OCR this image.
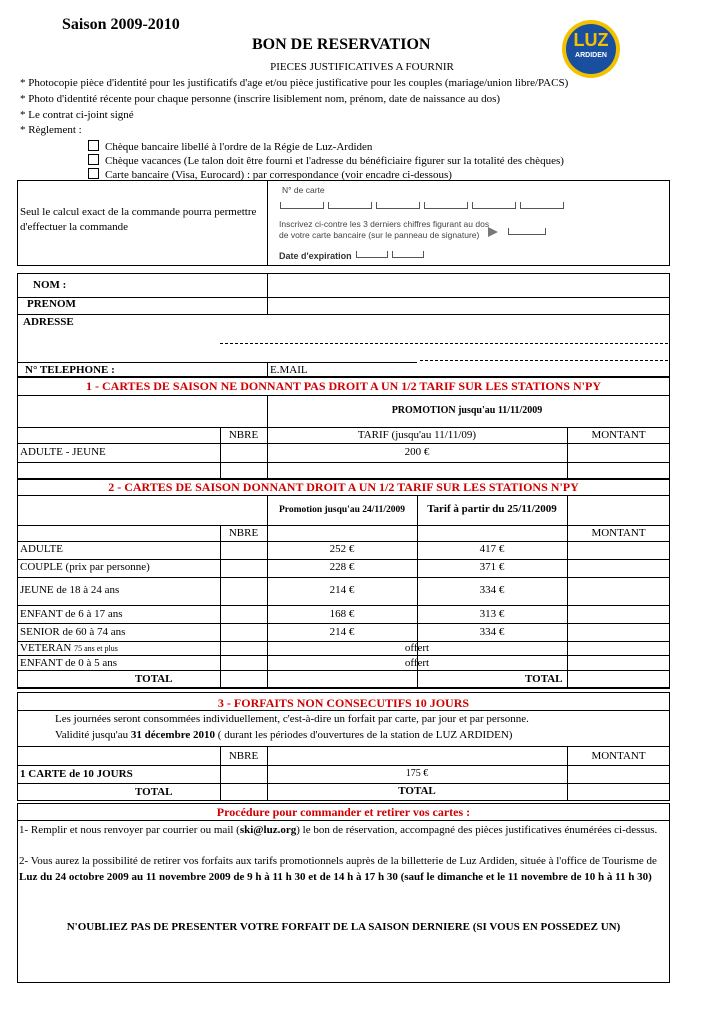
Saison 2009-2010
BON DE RESERVATION	LUZ
ARDIDEN
PIECES JUSTIFICATIVES A FOURNIR
* Photocopie pièce d'identité pour les justificatifs d'age et/ou pièce justificative pour les couples (mariage/union libre/PACS)
* Photo d'identité récente pour chaque personne (inscrire lisiblement nom, prénom, date de naissance au dos)
* Le contrat ci-joint signé
* Règlement :
Chèque bancaire libellé à l'ordre de la Régie de Luz-Ardiden
Chèque vacances (Le talon doit être fourni et l'adresse du bénéficiaire figurer sur la totalité des chèques)
Carte bancaire (Visa, Eurocard) : par correspondance (voir encadre ci-dessous)
Seul le calcul exact de la commande pourra permettre d'effectuer la commande
N° de carte
Inscrivez ci-contre les 3 derniers chiffres figurant au dos
de votre carte bancaire (sur le panneau de signature)
Date d'expiration
NOM :
PRENOM
ADRESSE
N° TELEPHONE :	E.MAIL
1 - CARTES DE SAISON NE DONNANT PAS DROIT A UN 1/2 TARIF SUR LES STATIONS N'PY
PROMOTION jusqu'au 11/11/2009
NBRE	TARIF (jusqu'au 11/11/09)	MONTANT
ADULTE - JEUNE	200 €
2 - CARTES DE SAISON DONNANT DROIT A UN 1/2 TARIF SUR LES STATIONS N'PY
Promotion jusqu'au 24/11/2009	Tarif à partir du 25/11/2009
NBRE	MONTANT
ADULTE	252 €	417 €
COUPLE (prix par personne)	228 €	371 €
JEUNE de 18 à 24 ans	214 €	334 €
ENFANT de 6 à 17 ans	168 €	313 €
SENIOR de 60 à 74 ans	214 €	334 €
VETERAN 75 ans et plus	offert
ENFANT de 0 à 5 ans	offert
TOTAL	TOTAL
3 - FORFAITS NON CONSECUTIFS 10 JOURS
Les journées seront consommées individuellement, c'est-à-dire un forfait par carte, par jour et par personne.
Validité jusqu'au 31 décembre 2010 ( durant les périodes d'ouvertures de la station de LUZ ARDIDEN)
NBRE	MONTANT
1 CARTE de 10 JOURS	175 €
TOTAL	TOTAL
Procédure pour commander et retirer vos cartes :
1- Remplir et nous renvoyer par courrier ou mail (ski@luz.org) le bon de réservation, accompagné des pièces justificatives énumérées ci-dessus.
2- Vous aurez la possibilité de retirer vos forfaits aux tarifs promotionnels auprès de la billetterie de Luz Ardiden, située à l'office de Tourisme de Luz du 24 octobre 2009 au 11 novembre 2009 de 9 h à 11 h 30 et de 14 h à 17 h 30 (sauf le dimanche et le 11 novembre de 10 h à 11 h 30)
N'OUBLIEZ PAS DE PRESENTER VOTRE FORFAIT DE LA SAISON DERNIERE (SI VOUS EN POSSEDEZ UN)
